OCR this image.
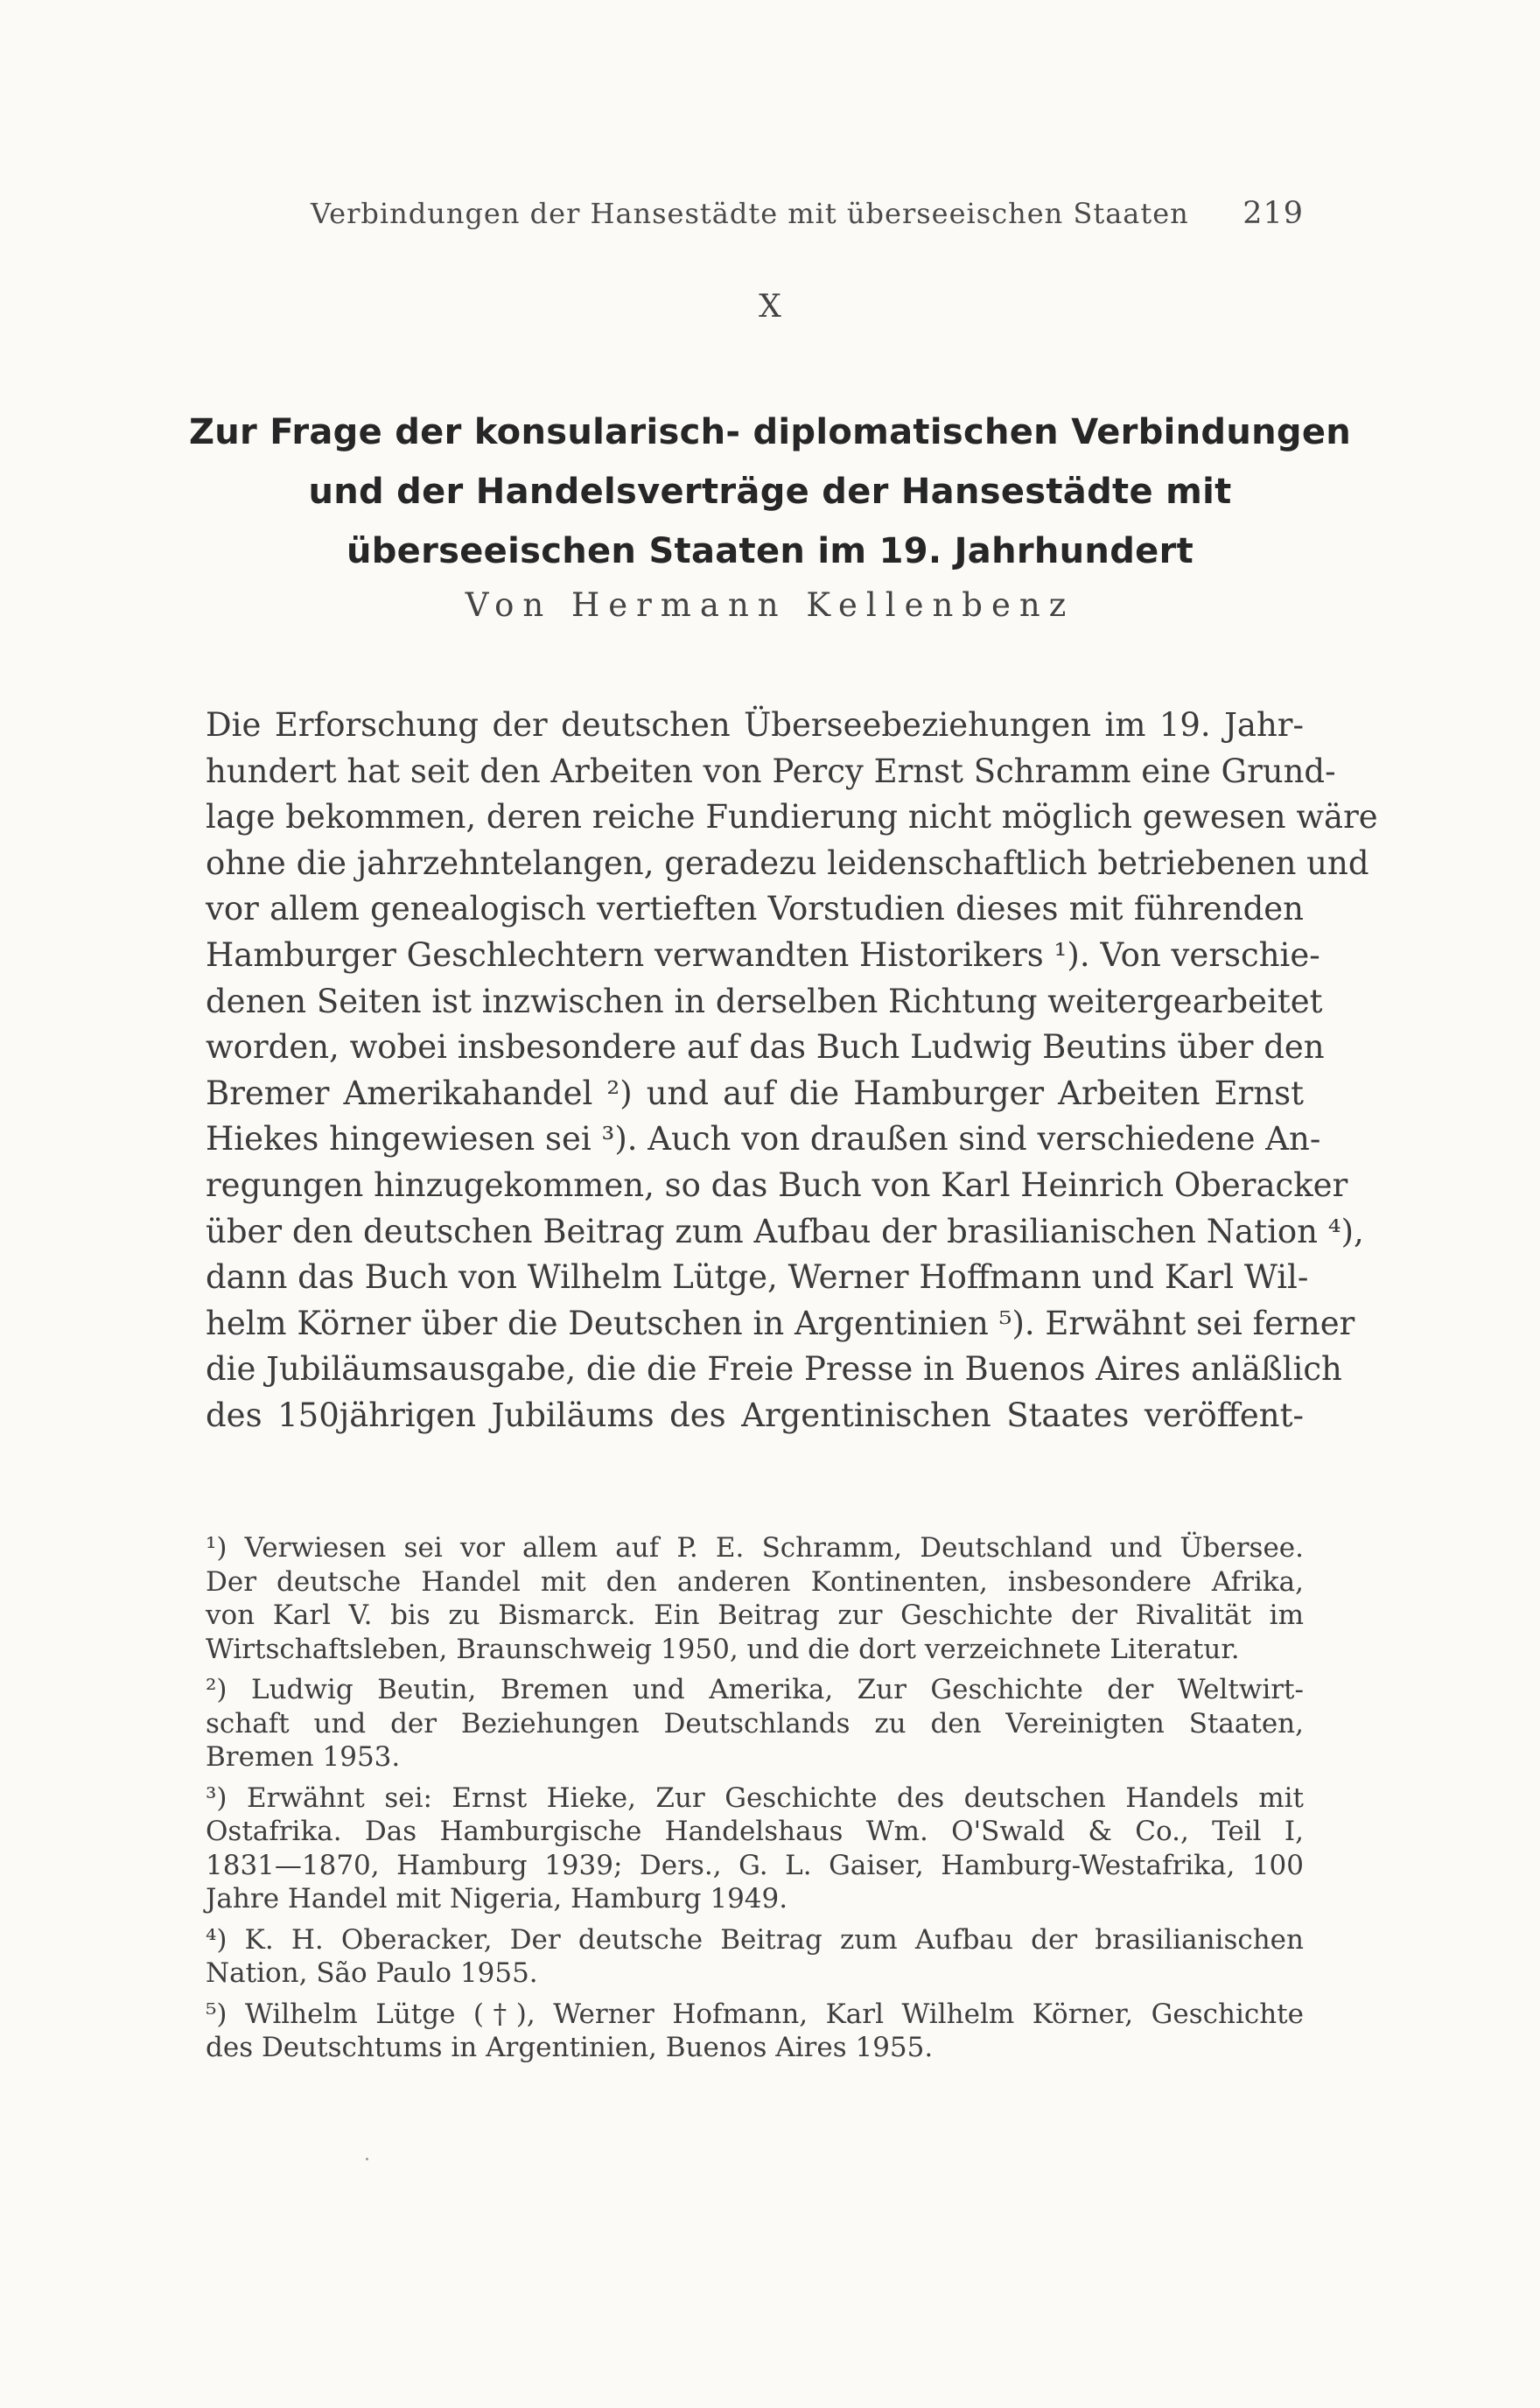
Verbindungen der Hansestädte mit überseeischen Staaten 219
X
Zur Frage der konsularisch- diplomatischen Verbindungen
und der Handelsverträge der Hansestädte mit
überseeischen Staaten im 19. Jahrhundert
Von Hermann Kellenbenz
Die Erforschung der deutschen Überseebeziehungen im 19. Jahr-
hundert hat seit den Arbeiten von Percy Ernst Schramm eine Grund-
lage bekommen, deren reiche Fundierung nicht möglich gewesen wäre
ohne die jahrzehntelangen, geradezu leidenschaftlich betriebenen und
vor allem genealogisch vertieften Vorstudien dieses mit führenden
Hamburger Geschlechtern verwandten Historikers ¹). Von verschie-
denen Seiten ist inzwischen in derselben Richtung weitergearbeitet
worden, wobei insbesondere auf das Buch Ludwig Beutins über den
Bremer Amerikahandel ²) und auf die Hamburger Arbeiten Ernst
Hiekes hingewiesen sei ³). Auch von draußen sind verschiedene An-
regungen hinzugekommen, so das Buch von Karl Heinrich Oberacker
über den deutschen Beitrag zum Aufbau der brasilianischen Nation ⁴),
dann das Buch von Wilhelm Lütge, Werner Hoffmann und Karl Wil-
helm Körner über die Deutschen in Argentinien ⁵). Erwähnt sei ferner
die Jubiläumsausgabe, die die Freie Presse in Buenos Aires anläßlich
des 150jährigen Jubiläums des Argentinischen Staates veröffent-
¹) Verwiesen sei vor allem auf P. E. Schramm, Deutschland und Übersee.
Der deutsche Handel mit den anderen Kontinenten, insbesondere Afrika,
von Karl V. bis zu Bismarck. Ein Beitrag zur Geschichte der Rivalität im
Wirtschaftsleben, Braunschweig 1950, und die dort verzeichnete Literatur.
²) Ludwig Beutin, Bremen und Amerika, Zur Geschichte der Weltwirt-
schaft und der Beziehungen Deutschlands zu den Vereinigten Staaten,
Bremen 1953.
³) Erwähnt sei: Ernst Hieke, Zur Geschichte des deutschen Handels mit
Ostafrika. Das Hamburgische Handelshaus Wm. O'Swald & Co., Teil I,
1831—1870, Hamburg 1939; Ders., G. L. Gaiser, Hamburg-Westafrika, 100
Jahre Handel mit Nigeria, Hamburg 1949.
⁴) K. H. Oberacker, Der deutsche Beitrag zum Aufbau der brasilianischen
Nation, São Paulo 1955.
⁵) Wilhelm Lütge (†), Werner Hofmann, Karl Wilhelm Körner, Geschichte
des Deutschtums in Argentinien, Buenos Aires 1955.
